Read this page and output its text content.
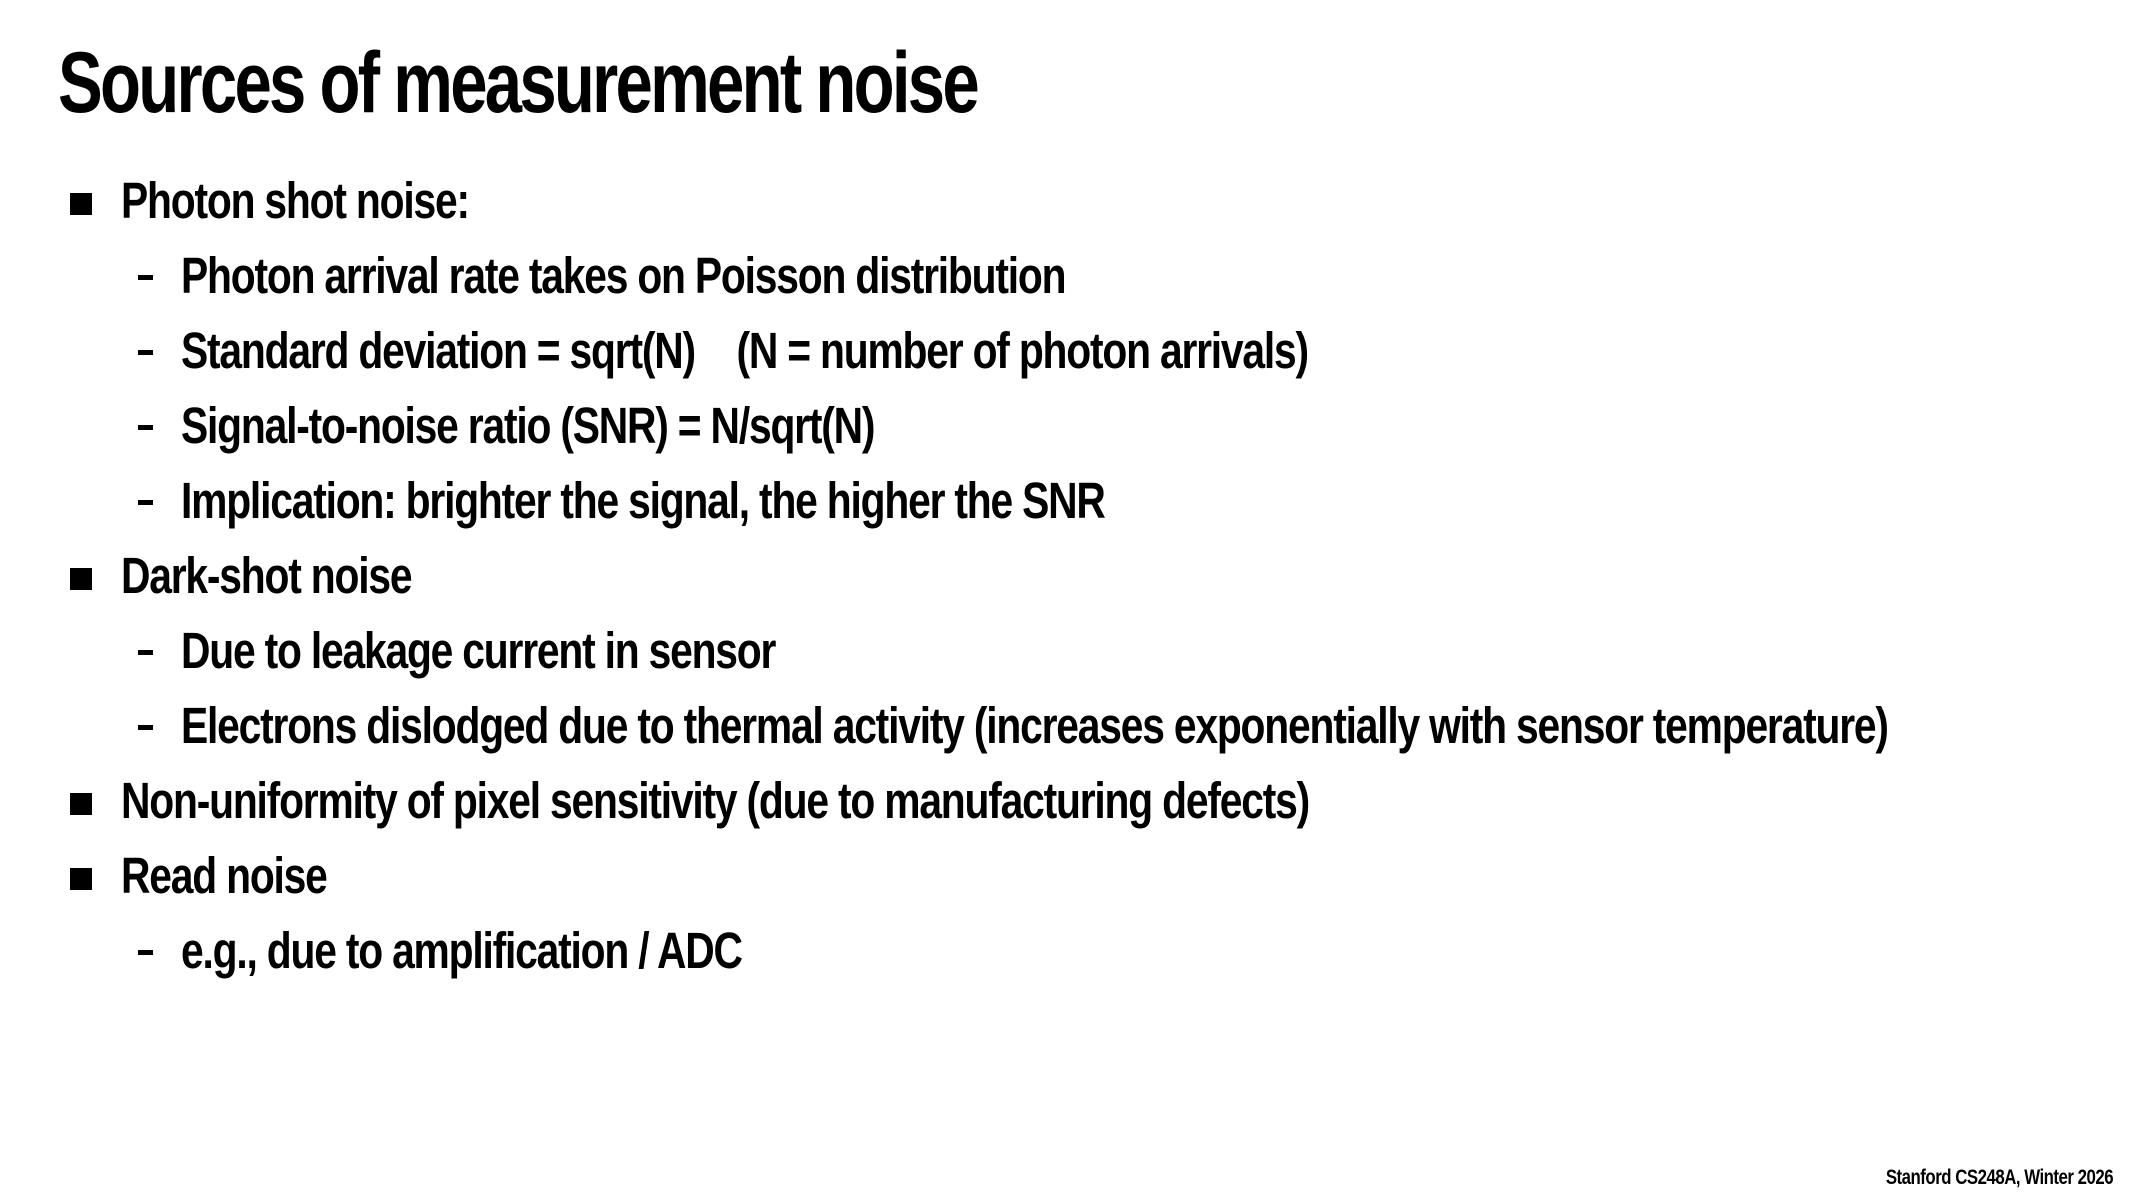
Sources of measurement noise
Photon shot noise:
Photon arrival rate takes on Poisson distribution
Standard deviation = sqrt(N) (N = number of photon arrivals)
Signal-to-noise ratio (SNR) = N/sqrt(N)
Implication: brighter the signal, the higher the SNR
Dark-shot noise
Due to leakage current in sensor
Electrons dislodged due to thermal activity (increases exponentially with sensor temperature)
Non-uniformity of pixel sensitivity (due to manufacturing defects)
Read noise
e.g., due to amplification / ADC
Stanford CS248A, Winter 2026
